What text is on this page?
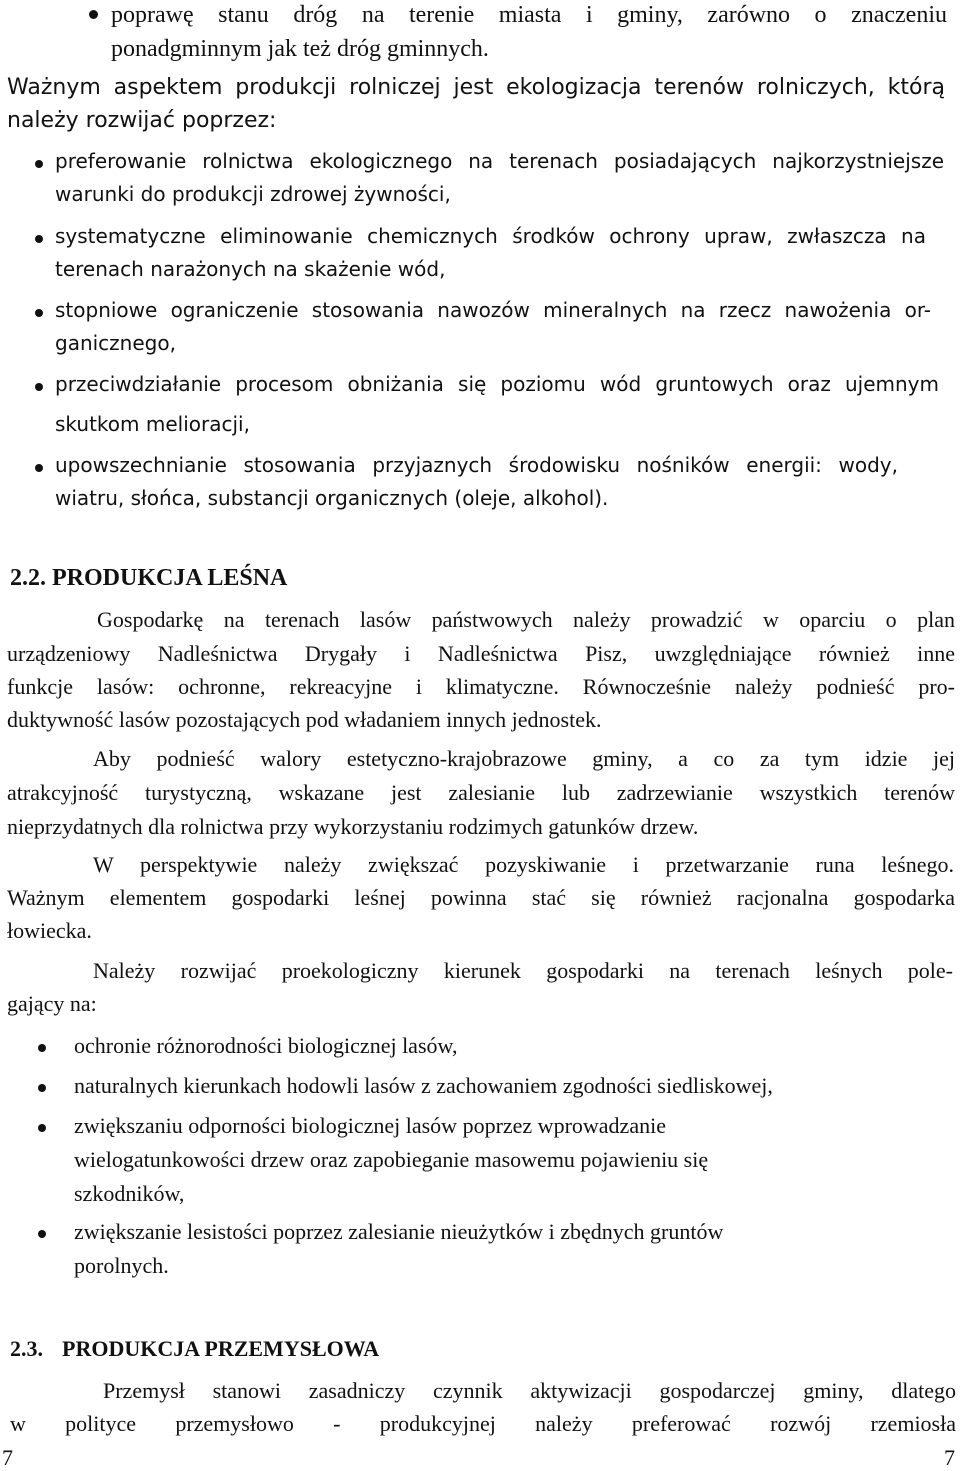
poprawę stanu dróg na terenie miasta i gminy, zarówno o znaczeniu
ponadgminnym jak też dróg gminnych.
Ważnym aspektem produkcji rolniczej jest ekologizacja terenów rolniczych, którą
należy rozwijać poprzez:
preferowanie rolnictwa ekologicznego na terenach posiadających najkorzystniejsze
warunki do produkcji zdrowej żywności,
systematyczne eliminowanie chemicznych środków ochrony upraw, zwłaszcza na
terenach narażonych na skażenie wód,
stopniowe ograniczenie stosowania nawozów mineralnych na rzecz nawożenia or-
ganicznego,
przeciwdziałanie procesom obniżania się poziomu wód gruntowych oraz ujemnym
skutkom melioracji,
upowszechnianie stosowania przyjaznych środowisku nośników energii: wody,
wiatru, słońca, substancji organicznych (oleje, alkohol).
2.2. PRODUKCJA LEŚNA
Gospodarkę na terenach lasów państwowych należy prowadzić w oparciu o plan
urządzeniowy Nadleśnictwa Drygały i Nadleśnictwa Pisz, uwzględniające również inne
funkcje lasów: ochronne, rekreacyjne i klimatyczne. Równocześnie należy podnieść pro-
duktywność lasów pozostających pod władaniem innych jednostek.
Aby podnieść walory estetyczno-krajobrazowe gminy, a co za tym idzie jej
atrakcyjność turystyczną, wskazane jest zalesianie lub zadrzewianie wszystkich terenów
nieprzydatnych dla rolnictwa przy wykorzystaniu rodzimych gatunków drzew.
W perspektywie należy zwiększać pozyskiwanie i przetwarzanie runa leśnego.
Ważnym elementem gospodarki leśnej powinna stać się również racjonalna gospodarka
łowiecka.
Należy rozwijać proekologiczny kierunek gospodarki na terenach leśnych pole-
gający na:
ochronie różnorodności biologicznej lasów,
naturalnych kierunkach hodowli lasów z zachowaniem zgodności siedliskowej,
zwiększaniu odporności biologicznej lasów poprzez wprowadzanie
wielogatunkowości drzew oraz zapobieganie masowemu pojawieniu się
szkodników,
zwiększanie lesistości poprzez zalesianie nieużytków i zbędnych gruntów
porolnych.
2.3. PRODUKCJA PRZEMYSŁOWA
Przemysł stanowi zasadniczy czynnik aktywizacji gospodarczej gminy, dlatego
w polityce przemysłowo - produkcyjnej należy preferować rozwój rzemiosła
7	7
